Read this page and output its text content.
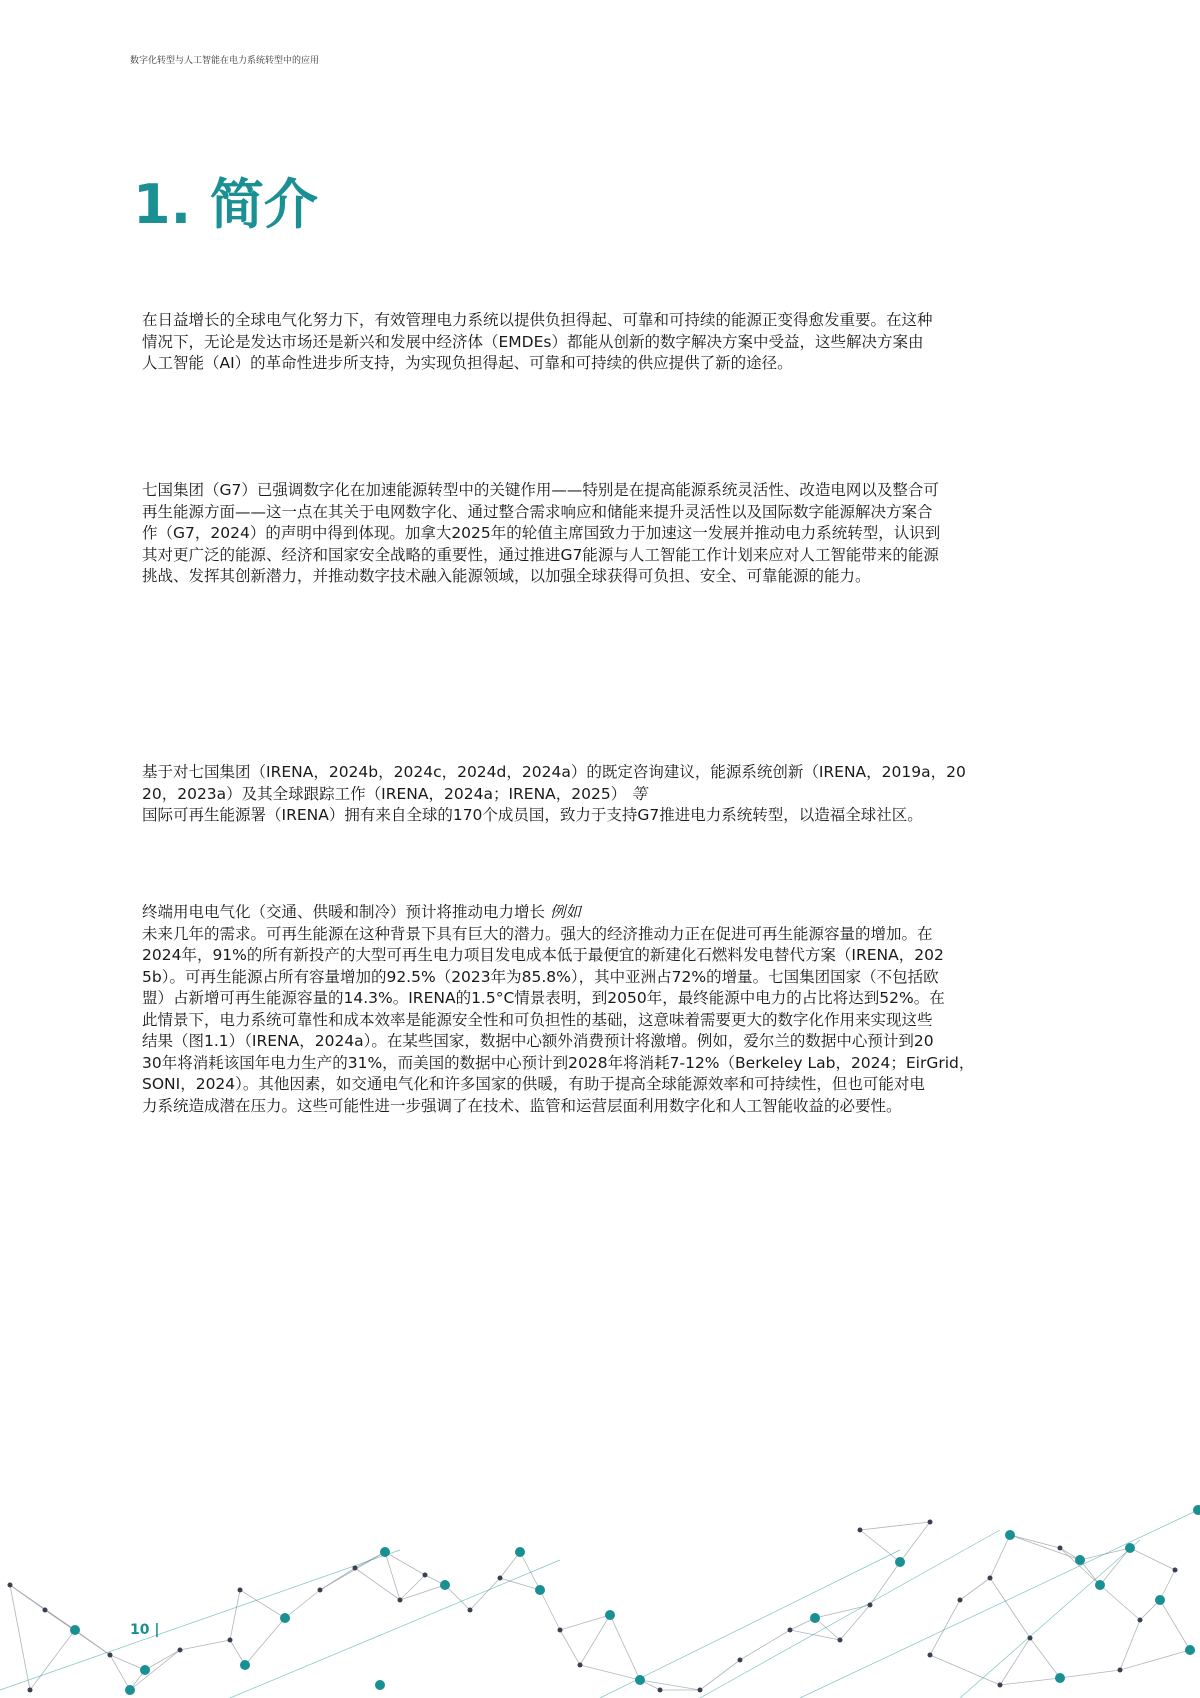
数字化转型与人工智能在电力系统转型中的应用
1. 简介
在日益增长的全球电气化努力下，有效管理电力系统以提供负担得起、可靠和可持续的能源正变得愈发重要。在这种
情况下，无论是发达市场还是新兴和发展中经济体（EMDEs）都能从创新的数字解决方案中受益，这些解决方案由
人工智能（AI）的革命性进步所支持，为实现负担得起、可靠和可持续的供应提供了新的途径。
七国集团（G7）已强调数字化在加速能源转型中的关键作用——特别是在提高能源系统灵活性、改造电网以及整合可
再生能源方面——这一点在其关于电网数字化、通过整合需求响应和储能来提升灵活性以及国际数字能源解决方案合
作（G7，2024）的声明中得到体现。加拿大2025年的轮值主席国致力于加速这一发展并推动电力系统转型，认识到
其对更广泛的能源、经济和国家安全战略的重要性，通过推进G7能源与人工智能工作计划来应对人工智能带来的能源
挑战、发挥其创新潜力，并推动数字技术融入能源领域，以加强全球获得可负担、安全、可靠能源的能力。
基于对七国集团（IRENA，2024b，2024c，2024d，2024a）的既定咨询建议，能源系统创新（IRENA，2019a，20
20，2023a）及其全球跟踪工作（IRENA，2024a；IRENA，2025） 等
国际可再生能源署（IRENA）拥有来自全球的170个成员国，致力于支持G7推进电力系统转型，以造福全球社区。
终端用电电气化（交通、供暖和制冷）预计将推动电力增长 例如
未来几年的需求。可再生能源在这种背景下具有巨大的潜力。强大的经济推动力正在促进可再生能源容量的增加。在
2024年，91%的所有新投产的大型可再生电力项目发电成本低于最便宜的新建化石燃料发电替代方案（IRENA，202
5b）。可再生能源占所有容量增加的92.5%（2023年为85.8%），其中亚洲占72%的增量。七国集团国家（不包括欧
盟）占新增可再生能源容量的14.3%。IRENA的1.5°C情景表明，到2050年，最终能源中电力的占比将达到52%。在
此情景下，电力系统可靠性和成本效率是能源安全性和可负担性的基础，这意味着需要更大的数字化作用来实现这些
结果（图1.1）（IRENA，2024a）。在某些国家，数据中心额外消费预计将激增。例如，爱尔兰的数据中心预计到20
30年将消耗该国年电力生产的31%，而美国的数据中心预计到2028年将消耗7-12%（Berkeley Lab，2024；EirGrid，
SONI，2024）。其他因素，如交通电气化和许多国家的供暖，有助于提高全球能源效率和可持续性，但也可能对电
力系统造成潜在压力。这些可能性进一步强调了在技术、监管和运营层面利用数字化和人工智能收益的必要性。
10 |
